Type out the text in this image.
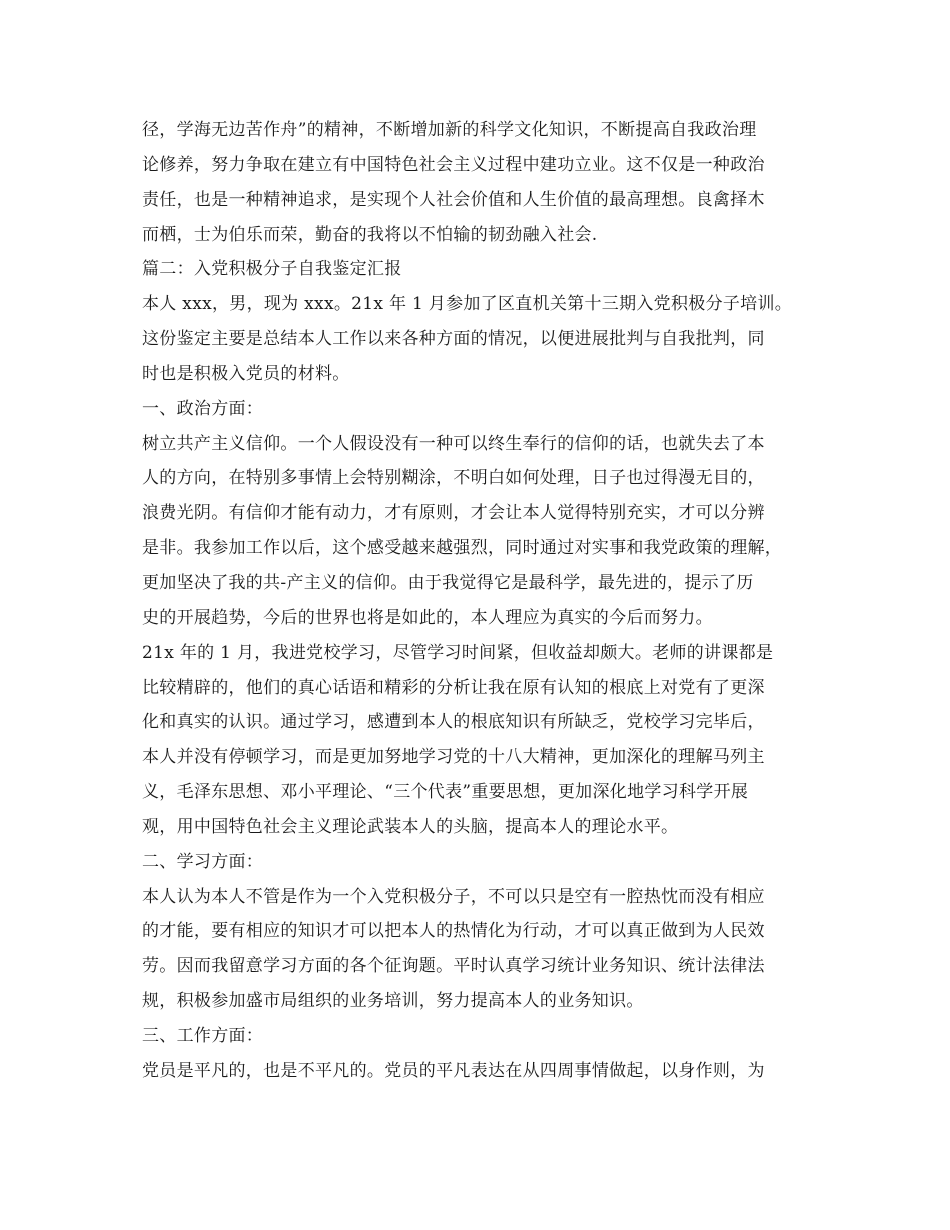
径，学海无边苦作舟”的精神，不断增加新的科学文化知识，不断提高自我政治理
论修养，努力争取在建立有中国特色社会主义过程中建功立业。这不仅是一种政治
责任，也是一种精神追求，是实现个人社会价值和人生价值的最高理想。良禽择木
而栖，士为伯乐而荣，勤奋的我将以不怕输的韧劲融入社会.
篇二：入党积极分子自我鉴定汇报
本人 xxx，男，现为 xxx。21x 年 1 月参加了区直机关第十三期入党积极分子培训。
这份鉴定主要是总结本人工作以来各种方面的情况，以便进展批判与自我批判，同
时也是积极入党员的材料。
一、政治方面：
树立共产主义信仰。一个人假设没有一种可以终生奉行的信仰的话，也就失去了本
人的方向，在特别多事情上会特别糊涂，不明白如何处理，日子也过得漫无目的，
浪费光阴。有信仰才能有动力，才有原则，才会让本人觉得特别充实，才可以分辨
是非。我参加工作以后，这个感受越来越强烈，同时通过对实事和我党政策的理解，
更加坚决了我的共-产主义的信仰。由于我觉得它是最科学，最先进的，提示了历
史的开展趋势，今后的世界也将是如此的，本人理应为真实的今后而努力。
21x 年的 1 月，我进党校学习，尽管学习时间紧，但收益却颇大。老师的讲课都是
比较精辟的，他们的真心话语和精彩的分析让我在原有认知的根底上对党有了更深
化和真实的认识。通过学习，感遭到本人的根底知识有所缺乏，党校学习完毕后，
本人并没有停顿学习，而是更加努地学习党的十八大精神，更加深化的理解马列主
义，毛泽东思想、邓小平理论、“三个代表”重要思想，更加深化地学习科学开展
观，用中国特色社会主义理论武装本人的头脑，提高本人的理论水平。
二、学习方面：
本人认为本人不管是作为一个入党积极分子，不可以只是空有一腔热忱而没有相应
的才能，要有相应的知识才可以把本人的热情化为行动，才可以真正做到为人民效
劳。因而我留意学习方面的各个征询题。平时认真学习统计业务知识、统计法律法
规，积极参加盛市局组织的业务培训，努力提高本人的业务知识。
三、工作方面：
党员是平凡的，也是不平凡的。党员的平凡表达在从四周事情做起，以身作则，为
